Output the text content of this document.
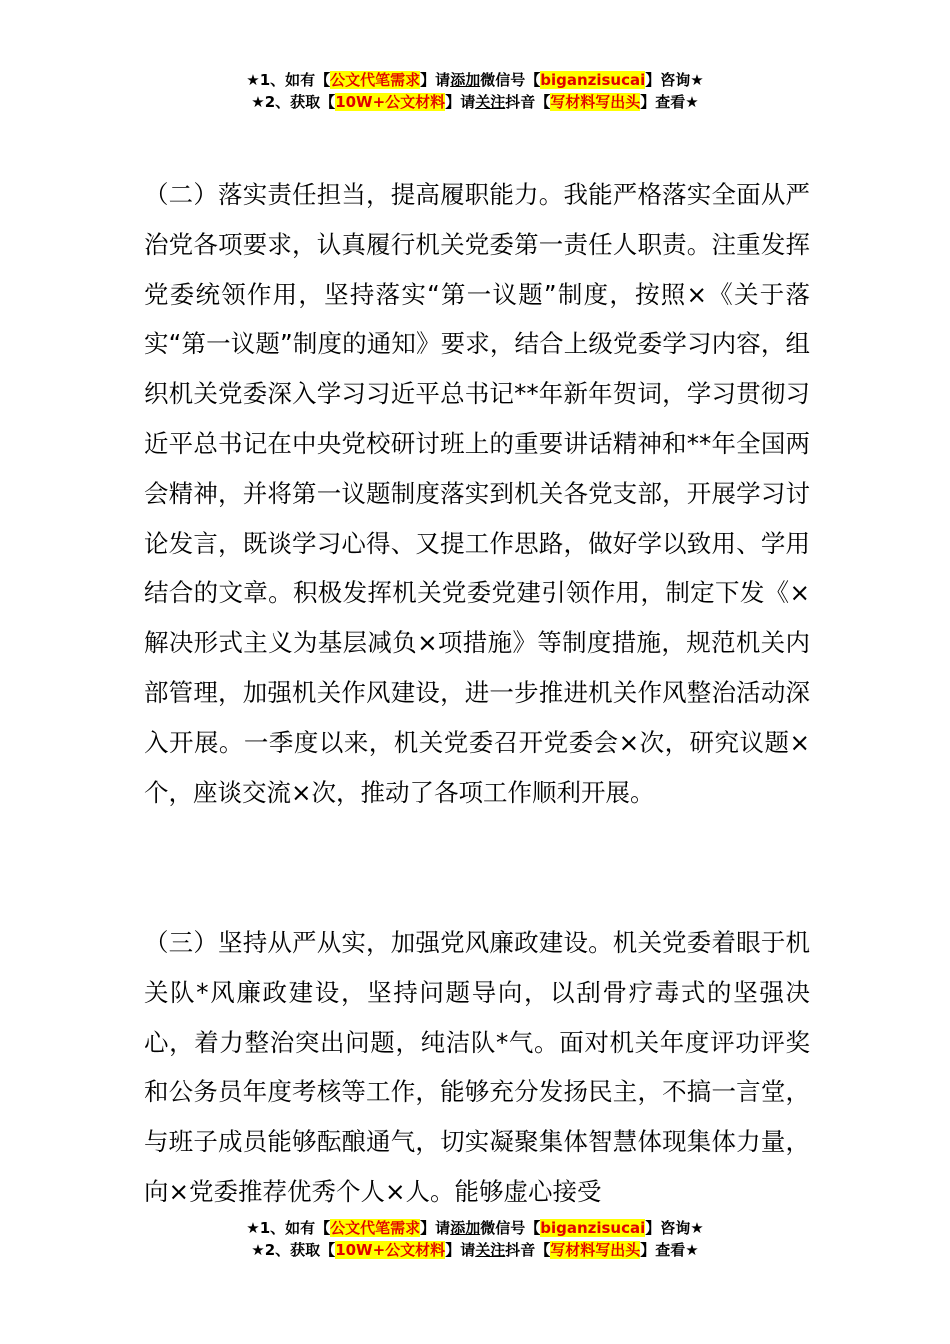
★1、如有【公文代笔需求】请添加微信号【biganzisucai】咨询★
★2、获取【10W+公文材料】请关注抖音【写材料写出头】查看★

（二）落实责任担当，提高履职能力。我能严格落实全面从严治党各项要求，认真履行机关党委第一责任人职责。注重发挥党委统领作用，坚持落实“第一议题”制度，按照×《关于落实“第一议题”制度的通知》要求，结合上级党委学习内容，组织机关党委深入学习习近平总书记**年新年贺词，学习贯彻习近平总书记在中央党校研讨班上的重要讲话精神和**年全国两会精神，并将第一议题制度落实到机关各党支部，开展学习讨论发言，既谈学习心得、又提工作思路，做好学以致用、学用结合的文章。积极发挥机关党委党建引领作用，制定下发《×解决形式主义为基层减负×项措施》等制度措施，规范机关内部管理，加强机关作风建设，进一步推进机关作风整治活动深入开展。一季度以来，机关党委召开党委会×次，研究议题×个，座谈交流×次，推动了各项工作顺利开展。

（三）坚持从严从实，加强党风廉政建设。机关党委着眼于机关队*风廉政建设，坚持问题导向，以刮骨疗毒式的坚强决心，着力整治突出问题，纯洁队*气。面对机关年度评功评奖和公务员年度考核等工作，能够充分发扬民主，不搞一言堂，与班子成员能够酝酿通气，切实凝聚集体智慧体现集体力量，向×党委推荐优秀个人×人。能够虚心接受

★1、如有【公文代笔需求】请添加微信号【biganzisucai】咨询★
★2、获取【10W+公文材料】请关注抖音【写材料写出头】查看★
